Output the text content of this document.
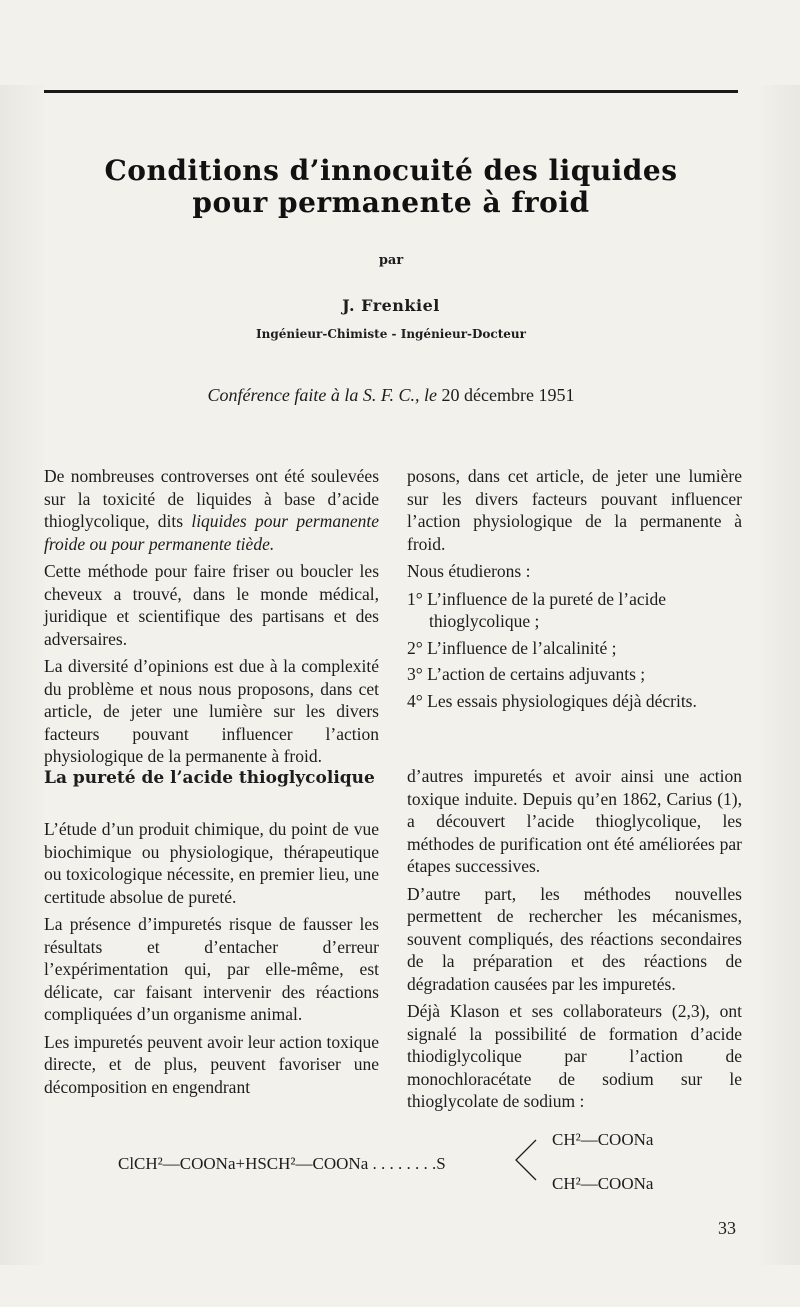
Conditions d’innocuité des liquides
pour permanente à froid
par
J. Frenkiel
Ingénieur-Chimiste - Ingénieur-Docteur
Conférence faite à la S. F. C., le 20 décembre 1951

De nombreuses controverses ont été soulevées sur la toxicité de liquides à base d’acide thioglycolique, dits liquides pour permanente froide ou pour permanente tiède.

Cette méthode pour faire friser ou boucler les cheveux a trouvé, dans le monde médical, juridique et scientifique des partisans et des adversaires.

La diversité d’opinions est due à la complexité du problème et nous nous proposons, dans cet article, de jeter une lumière sur les divers facteurs pouvant influencer l’action physiologique de la permanente à froid.

posons, dans cet article, de jeter une lumière sur les divers facteurs pouvant influencer l’action physiologique de la permanente à froid.

Nous étudierons :

1° L’influence de la pureté de l’acide thioglycolique ;
2° L’influence de l’alcalinité ;
3° L’action de certains adjuvants ;
4° Les essais physiologiques déjà décrits.
La pureté de l’acide thioglycolique

L’étude d’un produit chimique, du point de vue biochimique ou physiologique, thérapeutique ou toxicologique nécessite, en premier lieu, une certitude absolue de pureté.

La présence d’impuretés risque de fausser les résultats et d’entacher d’erreur l’expérimentation qui, par elle-même, est délicate, car faisant intervenir des réactions compliquées d’un organisme animal.

Les impuretés peuvent avoir leur action toxique directe, et de plus, peuvent favoriser une décomposition en engendrant

d’autres impuretés et avoir ainsi une action toxique induite. Depuis qu’en 1862, Carius (1), a découvert l’acide thioglycolique, les méthodes de purification ont été améliorées par étapes successives.

D’autre part, les méthodes nouvelles permettent de rechercher les mécanismes, souvent compliqués, des réactions secondaires de la préparation et des réactions de dégradation causées par les impuretés.

Déjà Klason et ses collaborateurs (2,3), ont signalé la possibilité de formation d’acide thiodiglycolique par l’action de monochloracétate de sodium sur le thioglycolate de sodium :

ClCH²—COONa+HSCH²—COONa . . . . . . . .S
CH²—COONa
CH²—COONa
33
